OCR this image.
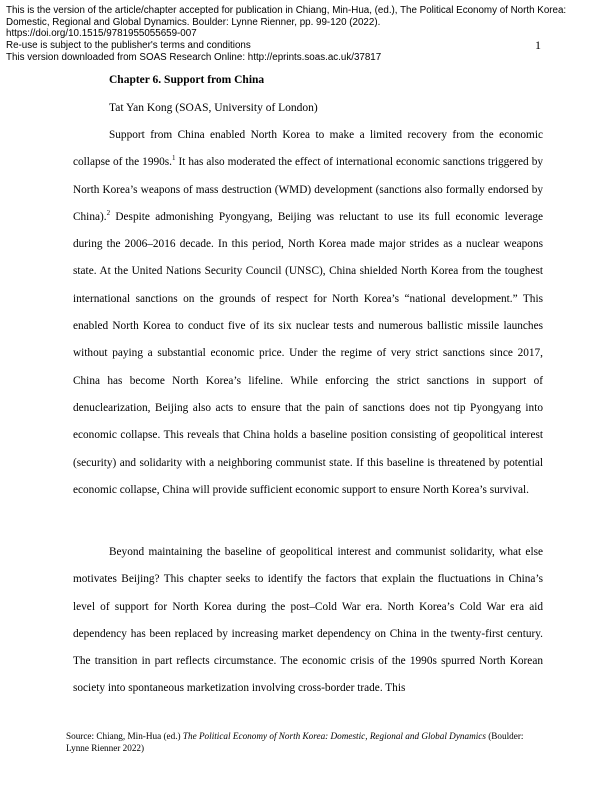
This is the version of the article/chapter accepted for publication in Chiang, Min-Hua, (ed.), The Political Economy of North Korea:
Domestic, Regional and Global Dynamics. Boulder: Lynne Rienner, pp. 99-120 (2022).
https://doi.org/10.1515/9781955055659-007
Re-use is subject to the publisher's terms and conditions
This version downloaded from SOAS Research Online: http://eprints.soas.ac.uk/37817
1
Chapter 6. Support from China
Tat Yan Kong (SOAS, University of London)

Support from China enabled North Korea to make a limited recovery from the economic collapse of the 1990s.$^1$ It has also moderated the effect of international economic sanctions triggered by North Korea’s weapons of mass destruction (WMD) development (sanctions also formally endorsed by China).$^2$ Despite admonishing Pyongyang, Beijing was reluctant to use its full economic leverage during the 2006–2016 decade. In this period, North Korea made major strides as a nuclear weapons state. At the United Nations Security Council (UNSC), China shielded North Korea from the toughest international sanctions on the grounds of respect for North Korea’s “national development.” This enabled North Korea to conduct five of its six nuclear tests and numerous ballistic missile launches without paying a substantial economic price. Under the regime of very strict sanctions since 2017, China has become North Korea’s lifeline. While enforcing the strict sanctions in support of denuclearization, Beijing also acts to ensure that the pain of sanctions does not tip Pyongyang into economic collapse. This reveals that China holds a baseline position consisting of geopolitical interest (security) and solidarity with a neighboring communist state. If this baseline is threatened by potential economic collapse, China will provide sufficient economic support to ensure North Korea’s survival.

Beyond maintaining the baseline of geopolitical interest and communist solidarity, what else motivates Beijing? This chapter seeks to identify the factors that explain the fluctuations in China’s level of support for North Korea during the post–Cold War era. North Korea’s Cold War era aid dependency has been replaced by increasing market dependency on China in the twenty-first century. The transition in part reflects circumstance. The economic crisis of the 1990s spurred North Korean society into spontaneous marketization involving cross-border trade. This

Source: Chiang, Min-Hua (ed.) The Political Economy of North Korea: Domestic, Regional and Global Dynamics (Boulder: Lynne Rienner 2022)
